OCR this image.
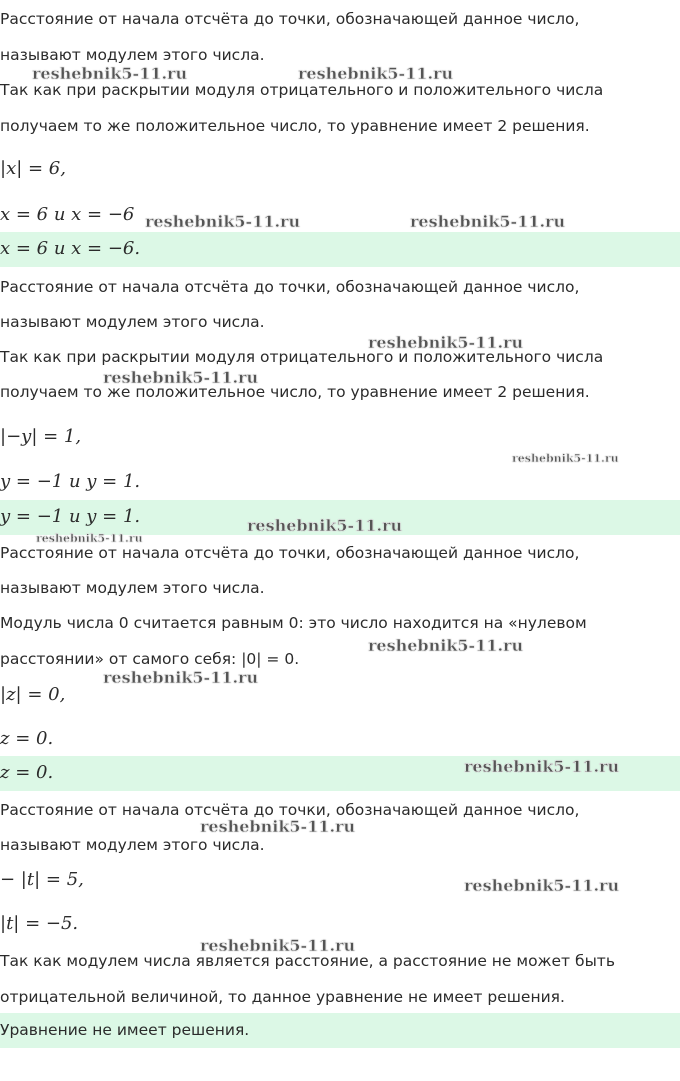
Расстояние от начала отсчёта до точки, обозначающей данное число,
называют модулем этого числа.
Так как при раскрытии модуля отрицательного и положительного числа
получаем то же положительное число, то уравнение имеет 2 решения.
|x| = 6,
x = 6 и x = −6
x = 6 и x = −6.
Расстояние от начала отсчёта до точки, обозначающей данное число,
называют модулем этого числа.
Так как при раскрытии модуля отрицательного и положительного числа
получаем то же положительное число, то уравнение имеет 2 решения.
|−y| = 1,
y = −1 и y = 1.
y = −1 и y = 1.
Расстояние от начала отсчёта до точки, обозначающей данное число,
называют модулем этого числа.
Модуль числа 0 считается равным 0: это число находится на «нулевом
расстоянии» от самого себя: |0| = 0.
|z| = 0,
z = 0.
z = 0.
Расстояние от начала отсчёта до точки, обозначающей данное число,
называют модулем этого числа.
− |t| = 5,
|t| = −5.
Так как модулем числа является расстояние, а расстояние не может быть
отрицательной величиной, то данное уравнение не имеет решения.
Уравнение не имеет решения.
reshebnik5-11.ru	reshebnik5-11.ru
reshebnik5-11.ru	reshebnik5-11.ru
reshebnik5-11.ru
reshebnik5-11.ru
reshebnik5-11.ru
reshebnik5-11.ru
reshebnik5-11.ru
reshebnik5-11.ru
reshebnik5-11.ru
reshebnik5-11.ru
reshebnik5-11.ru
reshebnik5-11.ru
reshebnik5-11.ru
